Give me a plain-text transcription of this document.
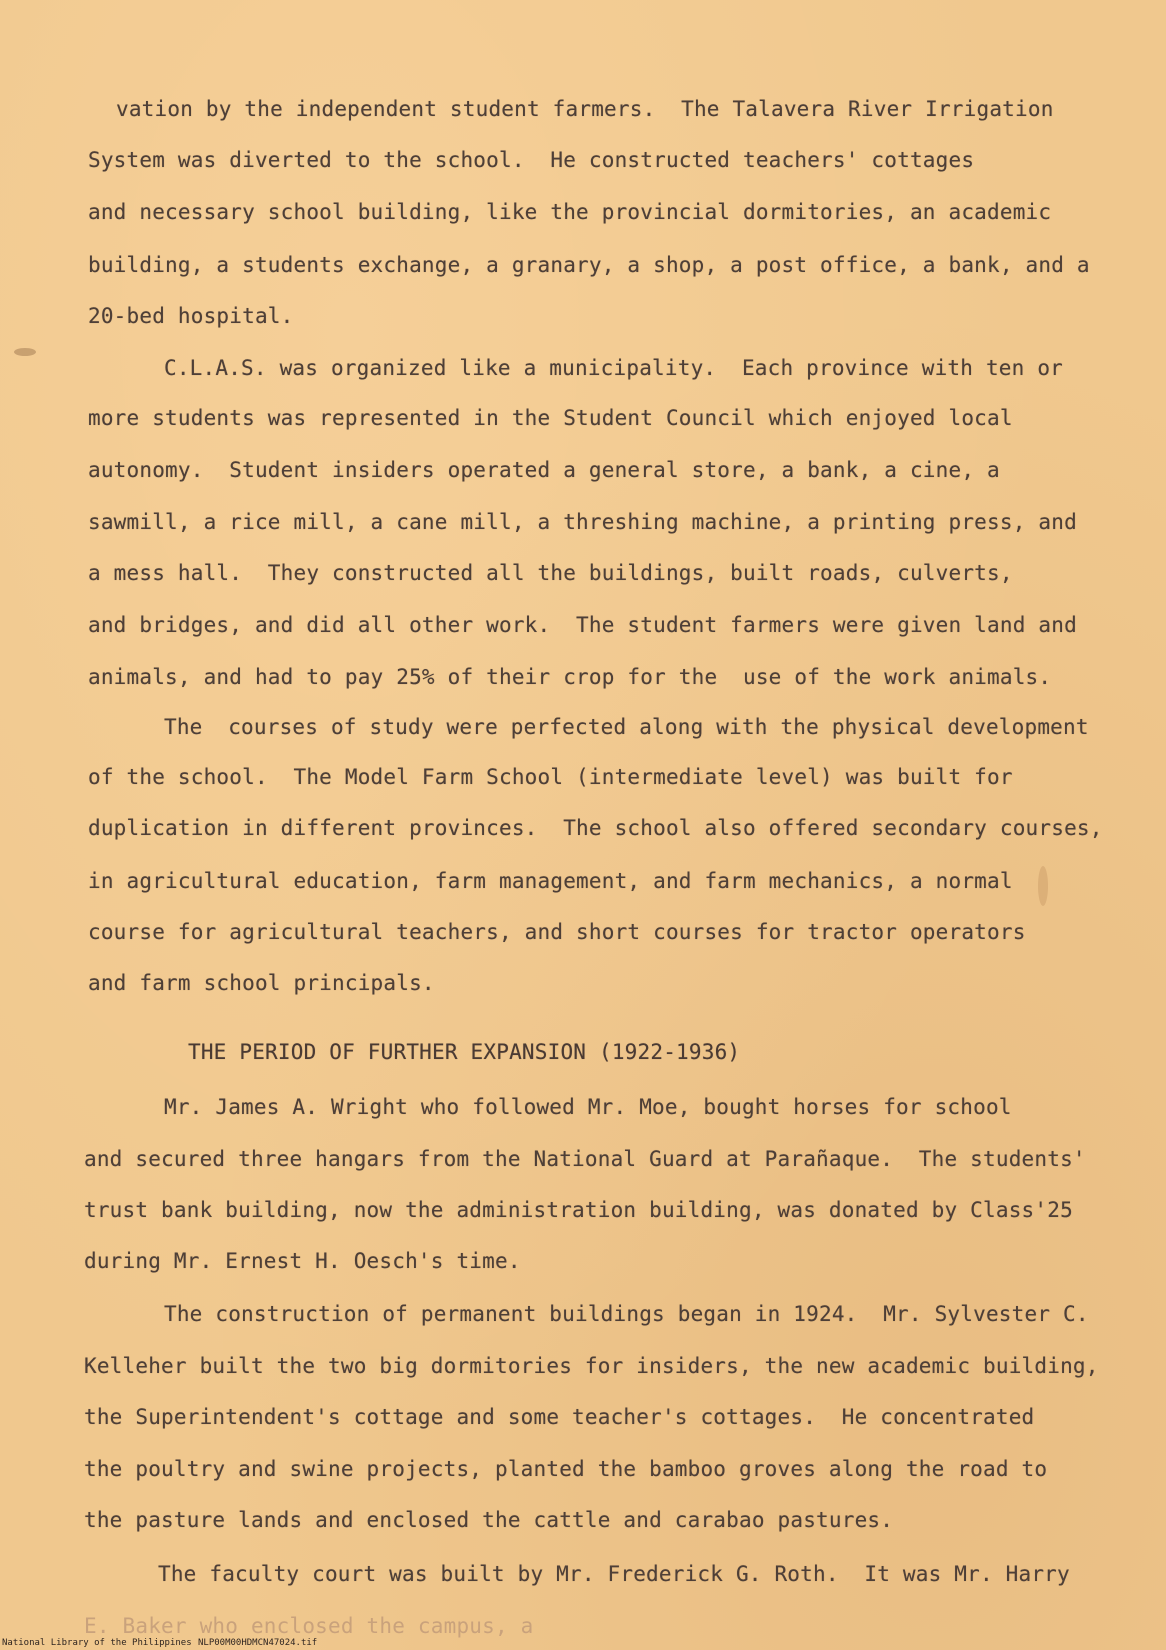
vation by the independent student farmers.  The Talavera River Irrigation

System was diverted to the school.  He constructed teachers' cottages

and necessary school building, like the provincial dormitories, an academic

building, a students exchange, a granary, a shop, a post office, a bank, and a

20-bed hospital.

C.L.A.S. was organized like a municipality.  Each province with ten or

more students was represented in the Student Council which enjoyed local

autonomy.  Student insiders operated a general store, a bank, a cine, a

sawmill, a rice mill, a cane mill, a threshing machine, a printing press, and

a mess hall.  They constructed all the buildings, built roads, culverts,

and bridges, and did all other work.  The student farmers were given land and

animals, and had to pay 25% of their crop for the  use of the work animals.

The  courses of study were perfected along with the physical development

of the school.  The Model Farm School (intermediate level) was built for

duplication in different provinces.  The school also offered secondary courses,

in agricultural education, farm management, and farm mechanics, a normal

course for agricultural teachers, and short courses for tractor operators

and farm school principals.

THE PERIOD OF FURTHER EXPANSION (1922-1936)

Mr. James A. Wright who followed Mr. Moe, bought horses for school

and secured three hangars from the National Guard at Parañaque.  The students'

trust bank building, now the administration building, was donated by Class'25

during Mr. Ernest H. Oesch's time.

The construction of permanent buildings began in 1924.  Mr. Sylvester C.

Kelleher built the two big dormitories for insiders, the new academic building,

the Superintendent's cottage and some teacher's cottages.  He concentrated

the poultry and swine projects, planted the bamboo groves along the road to

the pasture lands and enclosed the cattle and carabao pastures.

The faculty court was built by Mr. Frederick G. Roth.  It was Mr. Harry

E. Baker who enclosed the campus, a

National Library of the Philippines NLP00M00HDMCN47024.tif
